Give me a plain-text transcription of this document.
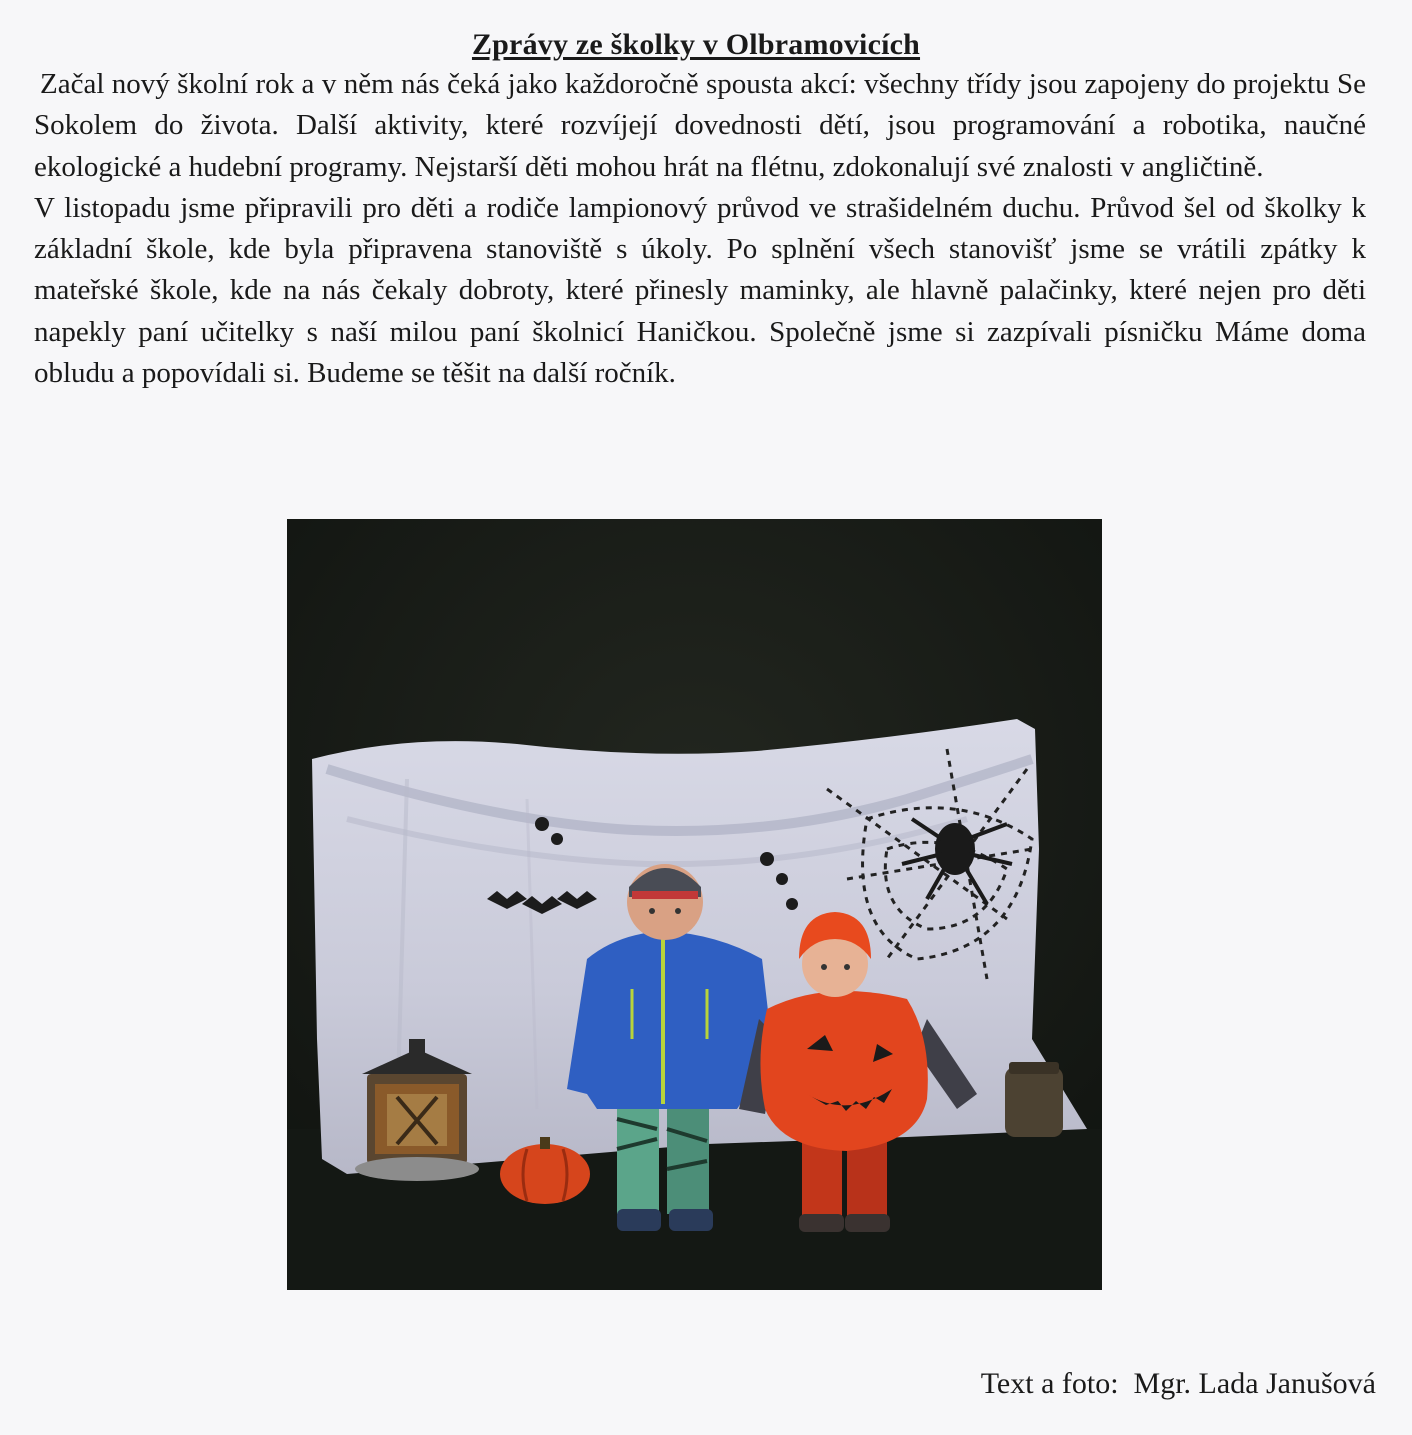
Zprávy ze školky v Olbramovicích

Začal nový školní rok a v něm nás čeká jako každoročně spousta akcí: všechny třídy jsou zapojeny do projektu Se Sokolem do života. Další aktivity, které rozvíjejí dovednosti dětí, jsou programování a robotika, naučné ekologické a hudební programy. Nejstarší děti mohou hrát na flétnu, zdokonalují své znalosti v angličtině.

V listopadu jsme připravili pro děti a rodiče lampionový průvod ve strašidelném duchu. Průvod šel od školky k základní škole, kde byla připravena stanoviště s úkoly. Po splnění všech stanovišť jsme se vrátili zpátky k mateřské škole, kde na nás čekaly dobroty, které přinesly maminky, ale hlavně palačinky, které nejen pro děti napekly paní učitelky s naší milou paní školnicí Haničkou. Společně jsme si zazpívali písničku Máme doma obludu a popovídali si. Budeme se těšit na další ročník.

Text a foto:  Mgr. Lada Janušová
